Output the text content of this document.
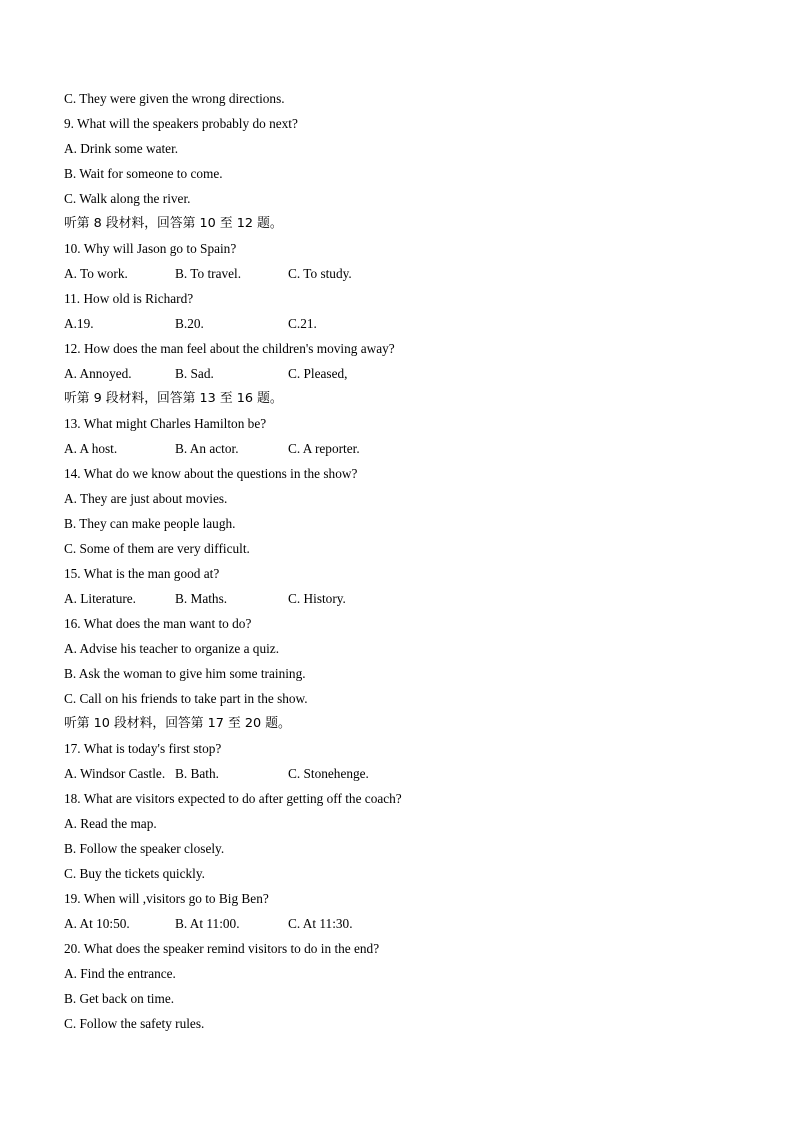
C. They were given the wrong directions.
9. What will the speakers probably do next?
A. Drink some water.
B. Wait for someone to come.
C. Walk along the river.
听第 8 段材料，回答第 10 至 12 题。
10. Why will Jason go to Spain?
A. To work.	B. To travel.	C. To study.
11. How old is Richard?
A.19.	B.20.	C.21.
12. How does the man feel about the children's moving away?
A. Annoyed.	B. Sad.	C. Pleased,
听第 9 段材料，回答第 13 至 16 题。
13. What might Charles Hamilton be?
A. A host.	B. An actor.	C. A reporter.
14. What do we know about the questions in the show?
A. They are just about movies.
B. They can make people laugh.
C. Some of them are very difficult.
15. What is the man good at?
A. Literature.	B. Maths.	C. History.
16. What does the man want to do?
A. Advise his teacher to organize a quiz.
B. Ask the woman to give him some training.
C. Call on his friends to take part in the show.
听第 10 段材料，回答第 17 至 20 题。
17. What is today's first stop?
A. Windsor Castle. B. Bath.	C. Stonehenge.
18. What are visitors expected to do after getting off the coach?
A. Read the map.
B. Follow the speaker closely.
C. Buy the tickets quickly.
19. When will ,visitors go to Big Ben?
A. At 10:50.	B. At 11:00.	C. At 11:30.
20. What does the speaker remind visitors to do in the end?
A. Find the entrance.
B. Get back on time.
C. Follow the safety rules.
